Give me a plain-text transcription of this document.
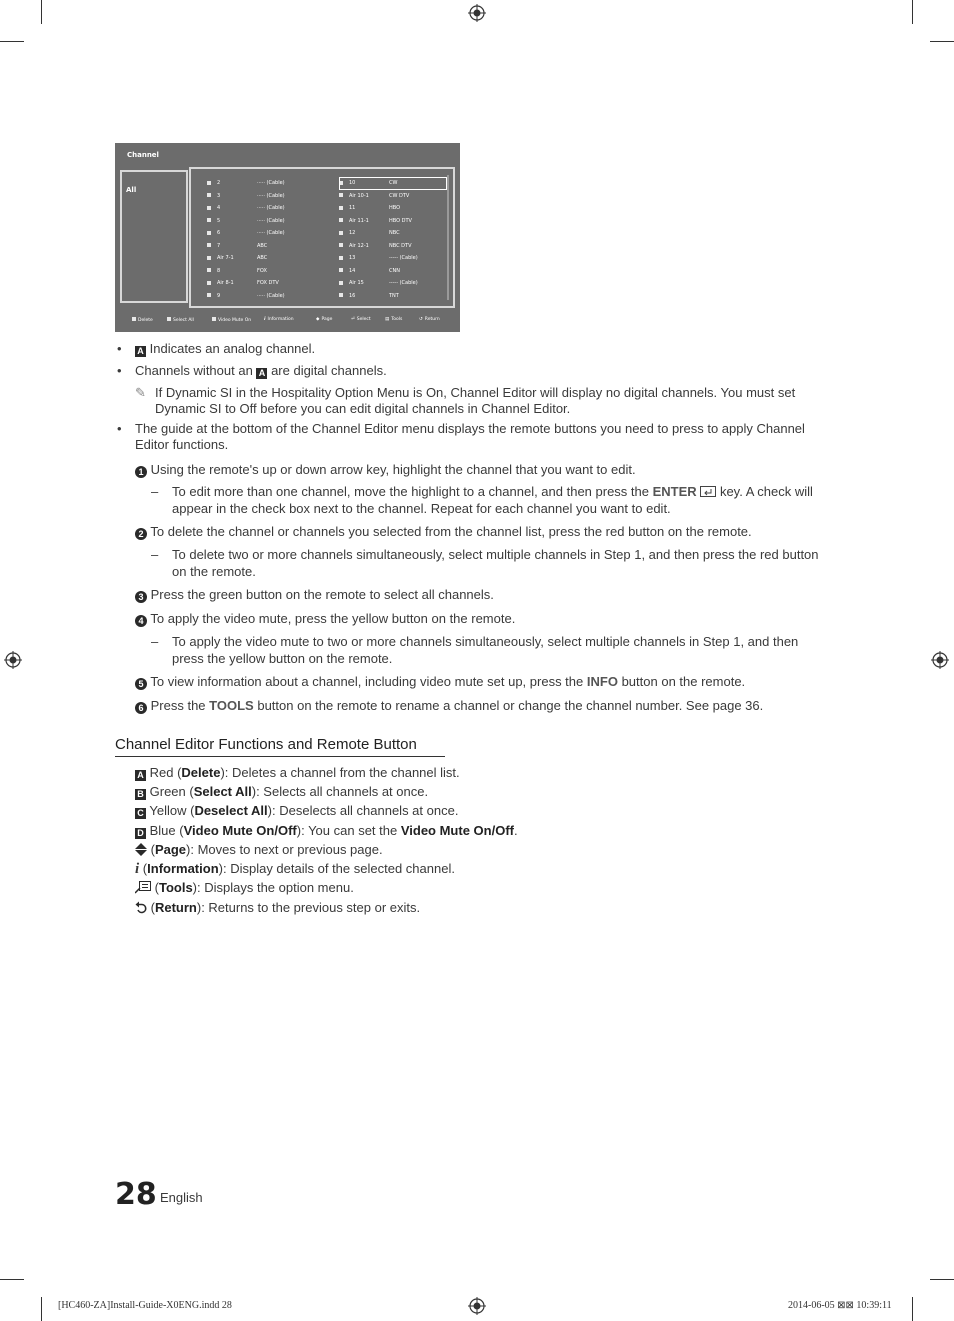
Channel
All
2	····· (Cable)
3	····· (Cable)
4	····· (Cable)
5	····· (Cable)
6	····· (Cable)
7	ABC
Air 7-1	ABC
8	FOX
Air 8-1	FOX DTV
9	····· (Cable)
10	CW
Air 10-1	CW DTV
11	HBO
Air 11-1	HBO DTV
12	NBC
Air 12-1	NBC DTV
13	----- (Cable)
14	CNN
Air 15	----- (Cable)
16	TNT
Delete	Select All	Video Mute On	i Information	◆ Page	⏎ Select	▤ Tools	↺ Return
• A Indicates an analog channel.
• Channels without an A are digital channels.
✎ If Dynamic SI in the Hospitality Option Menu is On, Channel Editor will display no digital channels. You must set
Dynamic SI to Off before you can edit digital channels in Channel Editor.
• The guide at the bottom of the Channel Editor menu displays the remote buttons you need to press to apply Channel
Editor functions.
1 Using the remote's up or down arrow key, highlight the channel that you want to edit.
– To edit more than one channel, move the highlight to a channel, and then press the ENTER key. A check will
appear in the check box next to the channel. Repeat for each channel you want to edit.
2 To delete the channel or channels you selected from the channel list, press the red button on the remote.
– To delete two or more channels simultaneously, select multiple channels in Step 1, and then press the red button
on the remote.
3 Press the green button on the remote to select all channels.
4 To apply the video mute, press the yellow button on the remote.
– To apply the video mute to two or more channels simultaneously, select multiple channels in Step 1, and then
press the yellow button on the remote.
5 To view information about a channel, including video mute set up, press the INFO button on the remote.
6 Press the TOOLS button on the remote to rename a channel or change the channel number. See page 36.
Channel Editor Functions and Remote Button
A Red (Delete): Deletes a channel from the channel list.
B Green (Select All): Selects all channels at once.
C Yellow (Deselect All): Deselects all channels at once.
D Blue (Video Mute On/Off): You can set the Video Mute On/Off.
(Page): Moves to next or previous page.
i (Information): Display details of the selected channel.
(Tools): Displays the option menu.
(Return): Returns to the previous step or exits.
28 English
[HC460-ZA]Install-Guide-X0ENG.indd 28	2014-06-05 ⊠⊠ 10:39:11
